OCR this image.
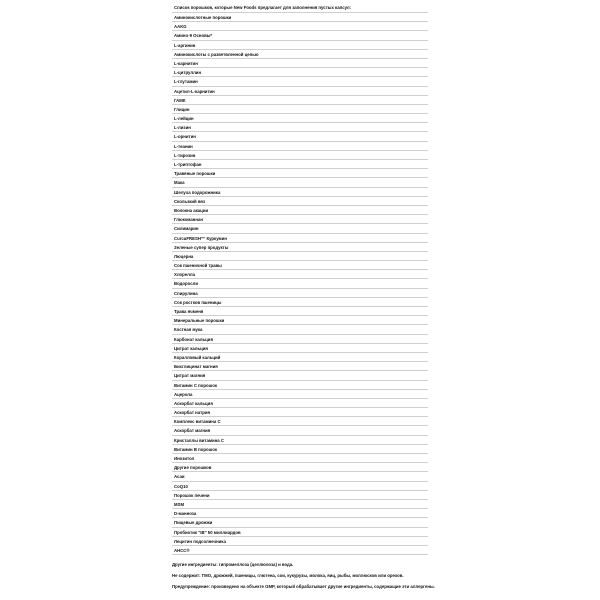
Список порошков, которые New Foods предлагает для заполнения пустых капсул:
Аминокислотные порошки
AAKG
Амино-9 Основы*
L-аргинин
Аминокислоты с разветвленной цепью
L-карнитин
L-цитруллин
L-глутамин
Ацетил-L-карнитин
ГАМК
Глицин
L-лейцин
L-лизин
L-орнитин
L-теанин
L-тирозин
L-триптофан
Травяные порошки
Мака
Шелуха подорожника
Скользкий вяз
Волокна акации
Глюкоманнан
Силимарин
CurcuFRESH™ Куркумин
Зеленые супер продукты
Люцерна
Сок пшеничной травы
Хлорелла
Водоросли
Спирулина
Сок ростков пшеницы
Трава ячменя
Минеральные порошки
Костная мука
Карбонат кальция
Цитрат кальция
Коралловый кальций
Бисглицинат магния
Цитрат магния
Витамин С порошок
Ацерола
Аскорбат кальция
Аскорбат натрия
Комплекс витамина С
Аскорбат магния
Кристаллы витамина С
Витамин В порошок
Инозитол
Другие порошков
Асаи
CoQ10
Порошок печени
MSM
D-манноза
Пищевые дрожжи
Пробиотик "IB" 50 миллиардов
Лецитин подсолнечника
AHCC®
Другие ингредиенты: гипромеллоза (целлюлоза) и вода.
Не содержит: ГМО, дрожжей, пшеницы, глютена, сои, кукурузы, молока, яиц, рыбы, моллюсков или орехов.
Предупреждение: произведено на объекте GMP, который обрабатывает другие ингредиенты, содержащие эти аллергены.
